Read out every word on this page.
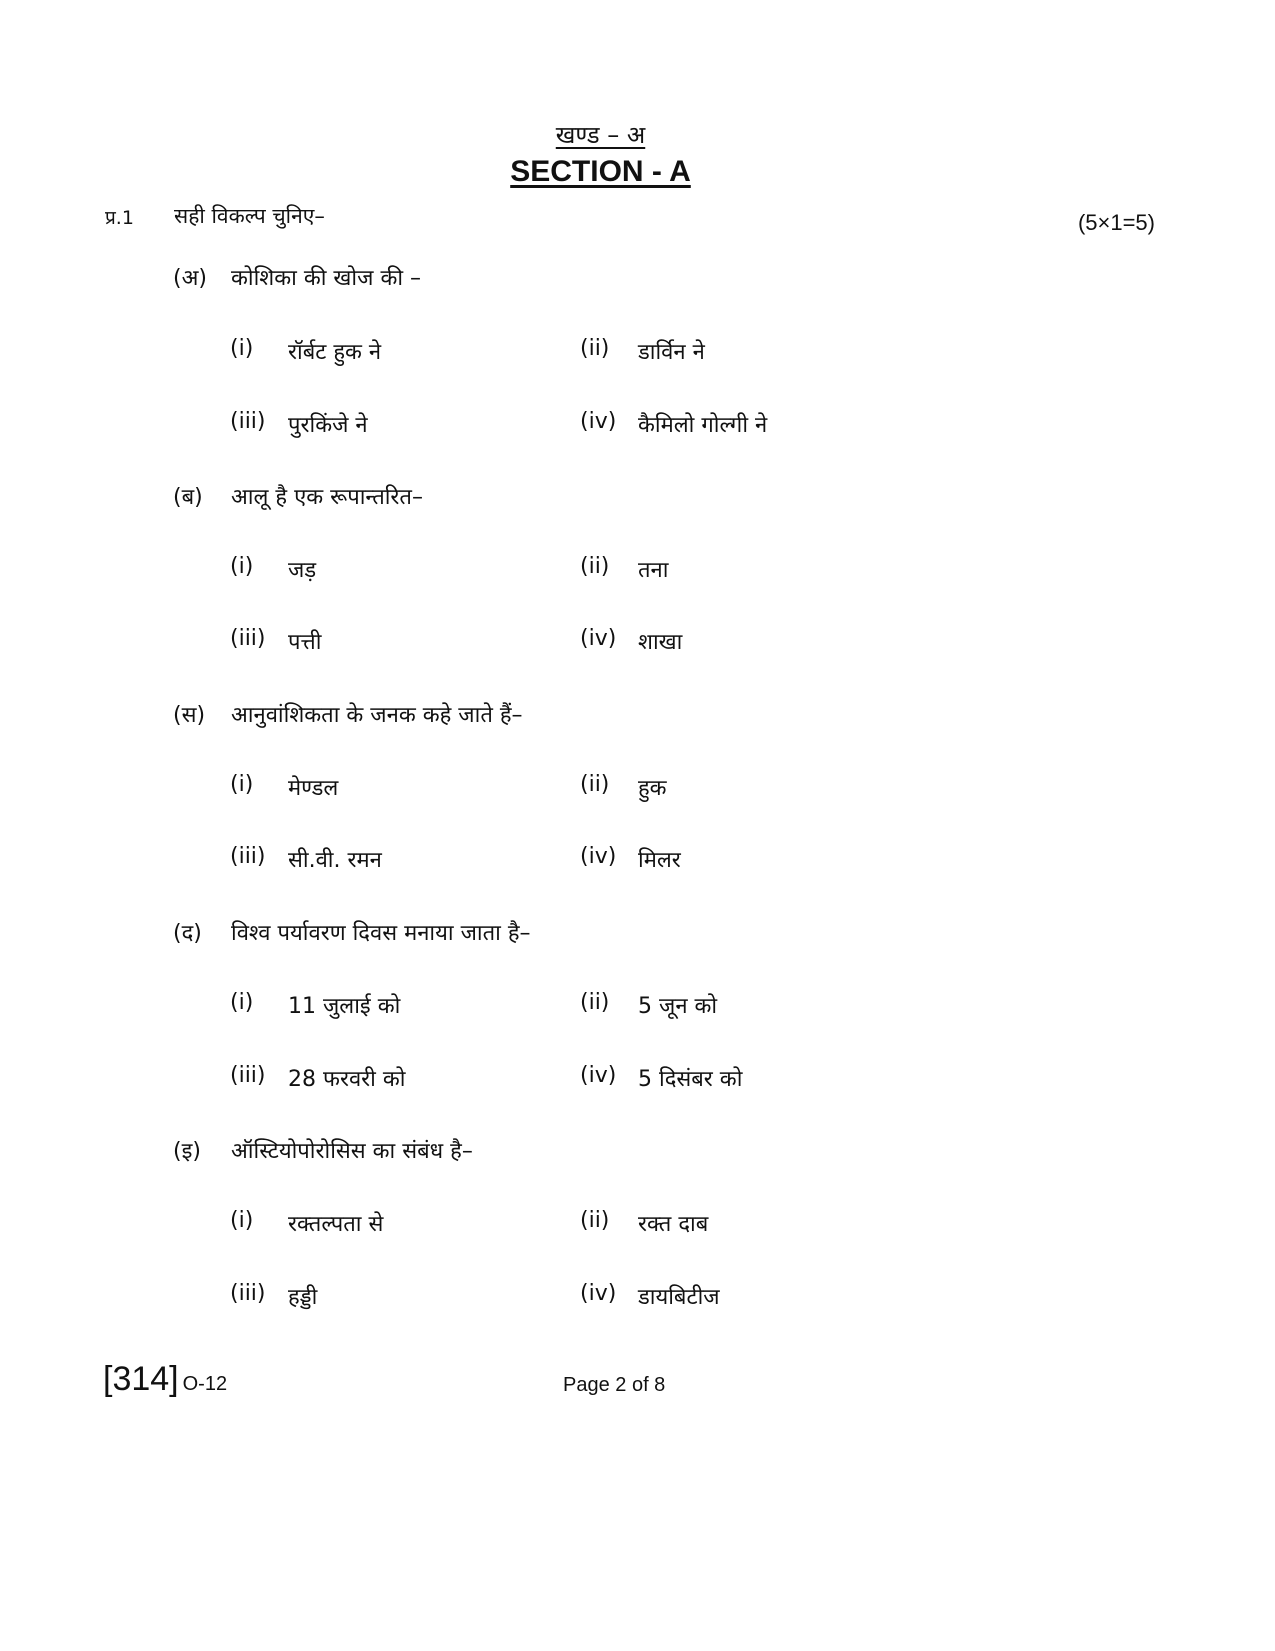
खण्ड – अ
SECTION - A
प्र.1 सही विकल्प चुनिए–	(5×1=5)
(अ) कोशिका की खोज की –
(i) रॉर्बट हुक ने	(ii) डार्विन ने
(iii) पुरकिंजे ने	(iv) कैमिलो गोल्गी ने
(ब) आलू है एक रूपान्तरित–
(i) जड़	(ii) तना
(iii) पत्ती	(iv) शाखा
(स) आनुवांशिकता के जनक कहे जाते हैं–
(i) मेण्डल	(ii) हुक
(iii) सी.वी. रमन	(iv) मिलर
(द) विश्व पर्यावरण दिवस मनाया जाता है–
(i) 11 जुलाई को	(ii) 5 जून को
(iii) 28 फरवरी को	(iv) 5 दिसंबर को
(इ) ऑस्टियोपोरोसिस का संबंध है–
(i) रक्तल्पता से	(ii) रक्त दाब
(iii) हड्डी	(iv) डायबिटीज
[314] O-12	Page 2 of 8
